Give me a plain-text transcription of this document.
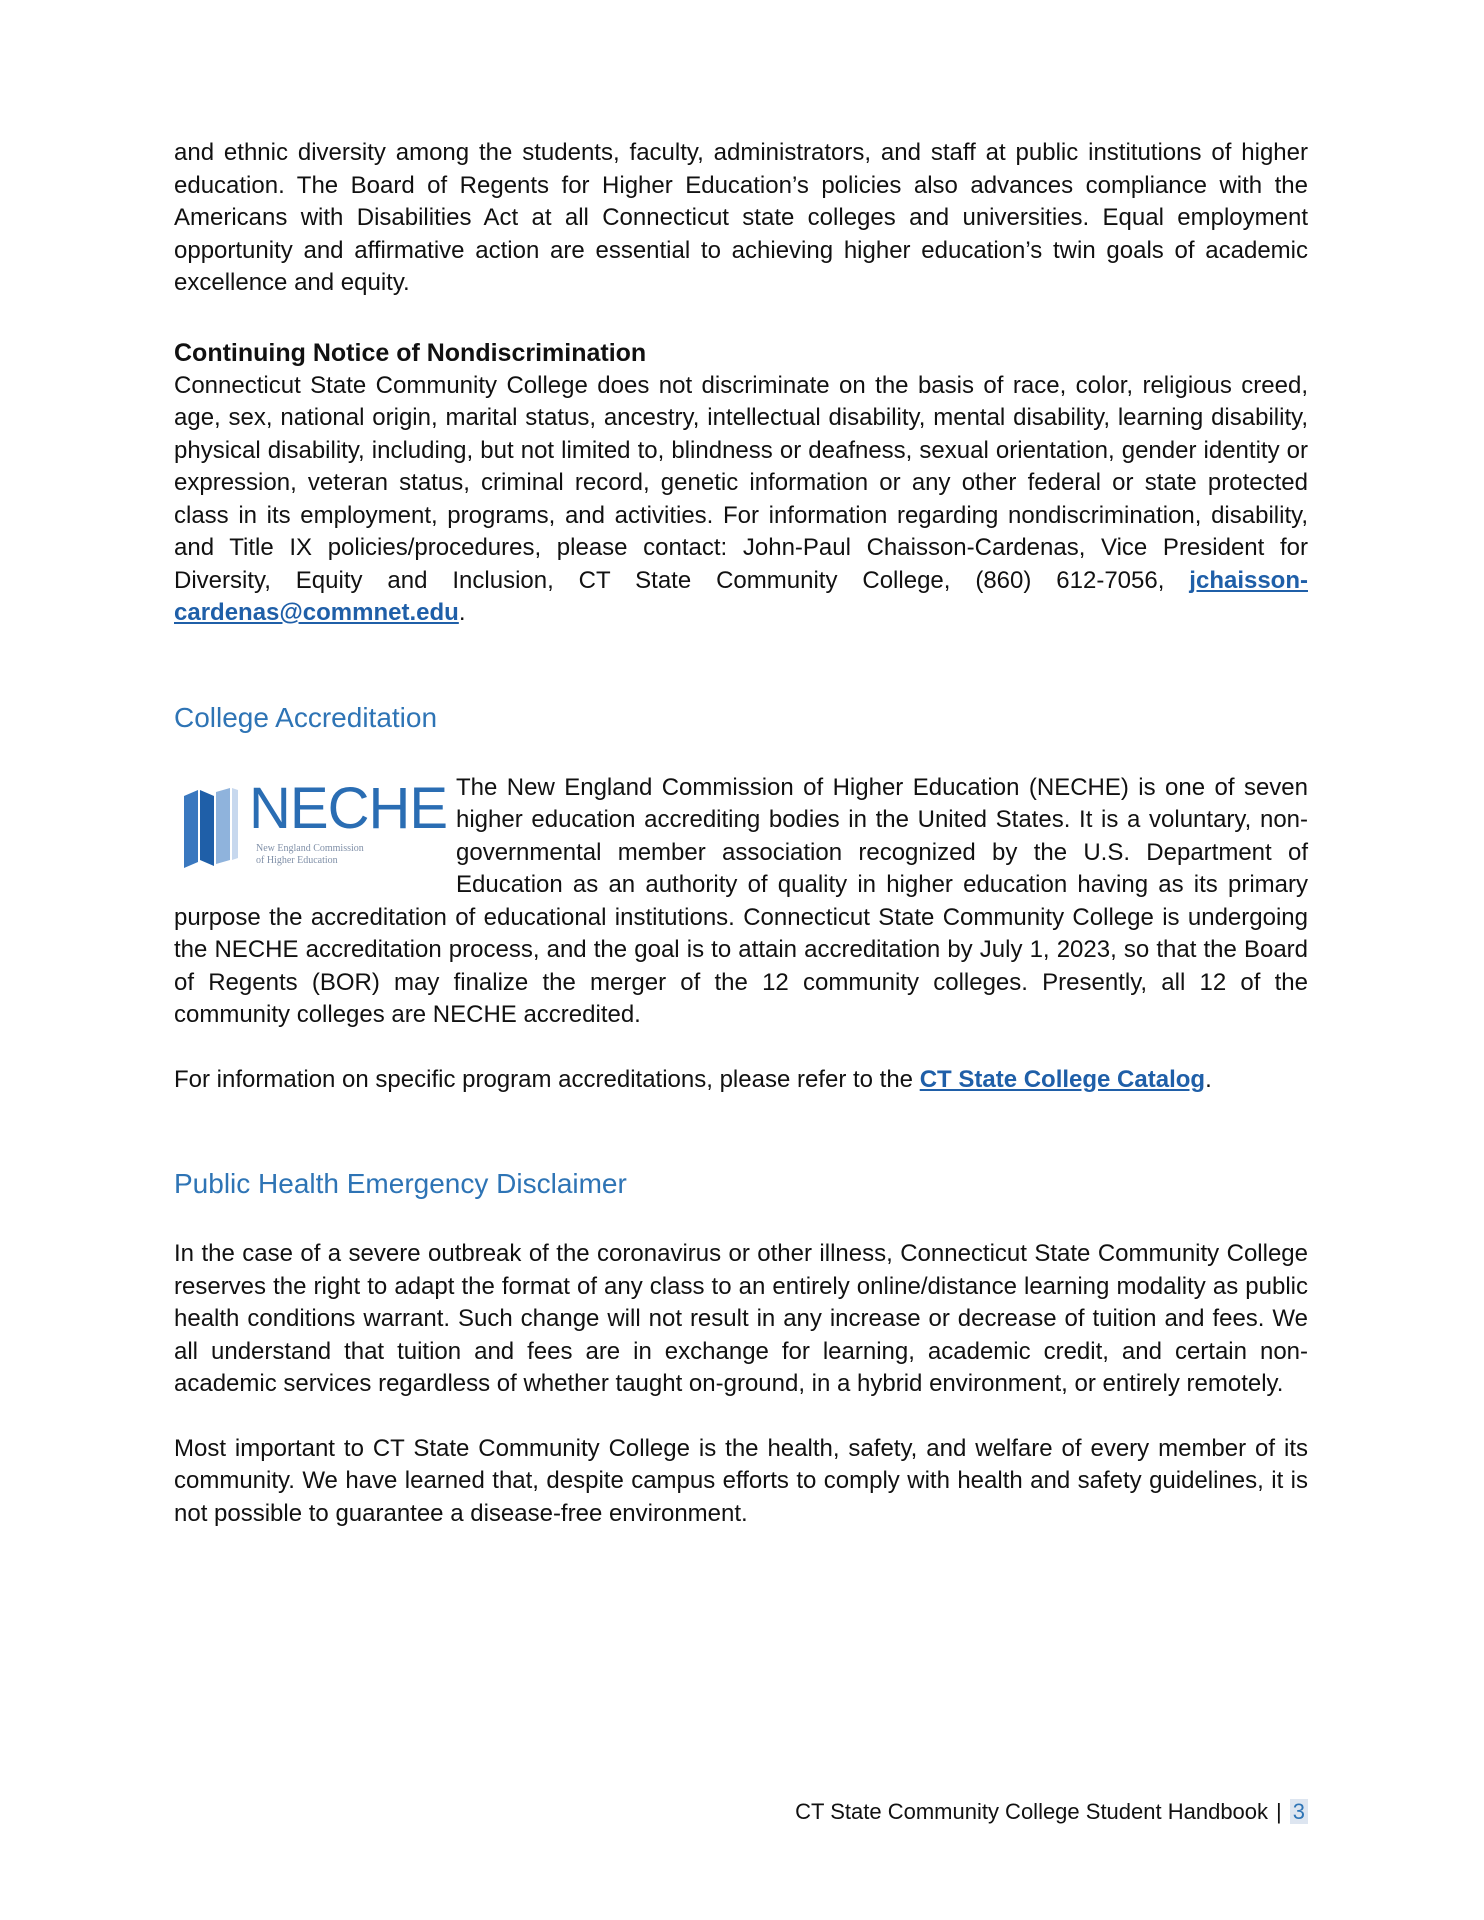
and ethnic diversity among the students, faculty, administrators, and staff at public institutions of higher education. The Board of Regents for Higher Education’s policies also advances compliance with the Americans with Disabilities Act at all Connecticut state colleges and universities. Equal employment opportunity and affirmative action are essential to achieving higher education’s twin goals of academic excellence and equity.

Continuing Notice of Nondiscrimination

Connecticut State Community College does not discriminate on the basis of race, color, religious creed, age, sex, national origin, marital status, ancestry, intellectual disability, mental disability, learning disability, physical disability, including, but not limited to, blindness or deafness, sexual orientation, gender identity or expression, veteran status, criminal record, genetic information or any other federal or state protected class in its employment, programs, and activities. For information regarding nondiscrimination, disability, and Title IX policies/procedures, please contact: John-Paul Chaisson-Cardenas, Vice President for Diversity, Equity and Inclusion, CT State Community College, (860) 612-7056, jchaisson-cardenas@commnet.edu.

College Accreditation
NECHE
New England Commission
of Higher Education

The New England Commission of Higher Education (NECHE) is one of seven higher education accrediting bodies in the United States. It is a voluntary, non-governmental member association recognized by the U.S. Department of Education as an authority of quality in higher education having as its primary purpose the accreditation of educational institutions. Connecticut State Community College is undergoing the NECHE accreditation process, and the goal is to attain accreditation by July 1, 2023, so that the Board of Regents (BOR) may finalize the merger of the 12 community colleges. Presently, all 12 of the community colleges are NECHE accredited.

For information on specific program accreditations, please refer to the CT State College Catalog.

Public Health Emergency Disclaimer

In the case of a severe outbreak of the coronavirus or other illness, Connecticut State Community College reserves the right to adapt the format of any class to an entirely online/distance learning modality as public health conditions warrant. Such change will not result in any increase or decrease of tuition and fees. We all understand that tuition and fees are in exchange for learning, academic credit, and certain non-academic services regardless of whether taught on-ground, in a hybrid environment, or entirely remotely.

Most important to CT State Community College is the health, safety, and welfare of every member of its community. We have learned that, despite campus efforts to comply with health and safety guidelines, it is not possible to guarantee a disease-free environment.

CT State Community College Student Handbook | 3
